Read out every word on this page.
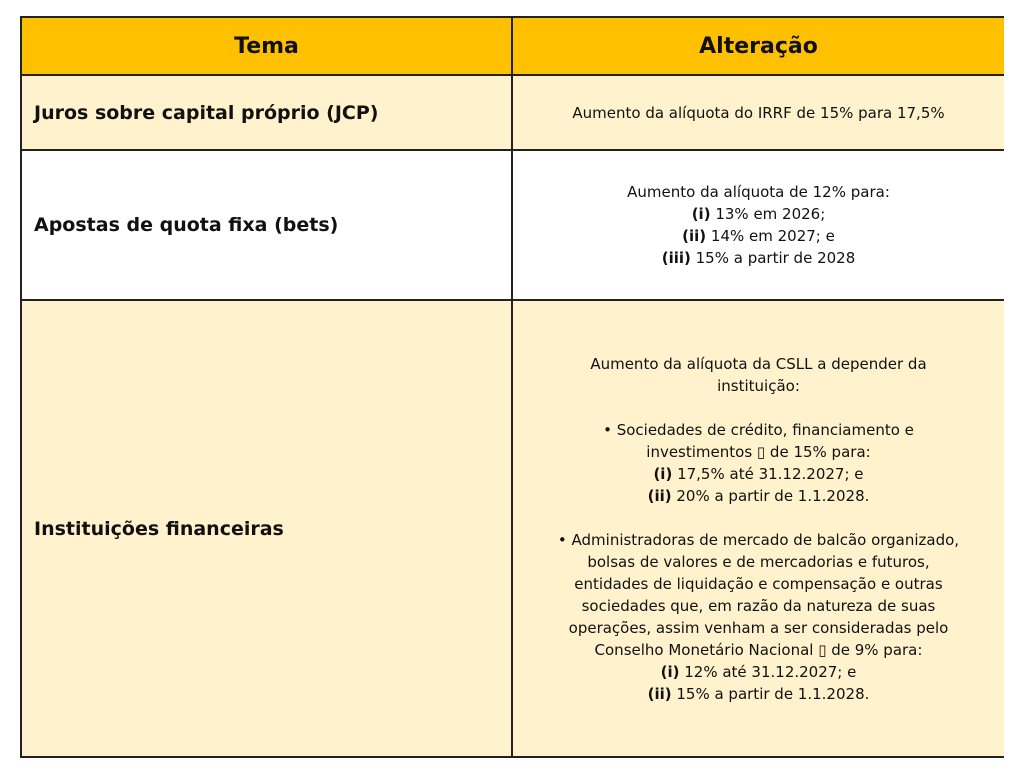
Tema	Alteração
Juros sobre capital próprio (JCP)	Aumento da alíquota do IRRF de 15% para 17,5%
Apostas de quota fixa (bets)
Aumento da alíquota de 12% para:
(i) 13% em 2026;
(ii) 14% em 2027; e
(iii) 15% a partir de 2028
Instituições financeiras
Aumento da alíquota da CSLL a depender da
instituição:
• Sociedades de crédito, financiamento e
investimentos ▯ de 15% para:
(i) 17,5% até 31.12.2027; e
(ii) 20% a partir de 1.1.2028.
• Administradoras de mercado de balcão organizado,
bolsas de valores e de mercadorias e futuros,
entidades de liquidação e compensação e outras
sociedades que, em razão da natureza de suas
operações, assim venham a ser consideradas pelo
Conselho Monetário Nacional ▯ de 9% para:
(i) 12% até 31.12.2027; e
(ii) 15% a partir de 1.1.2028.
